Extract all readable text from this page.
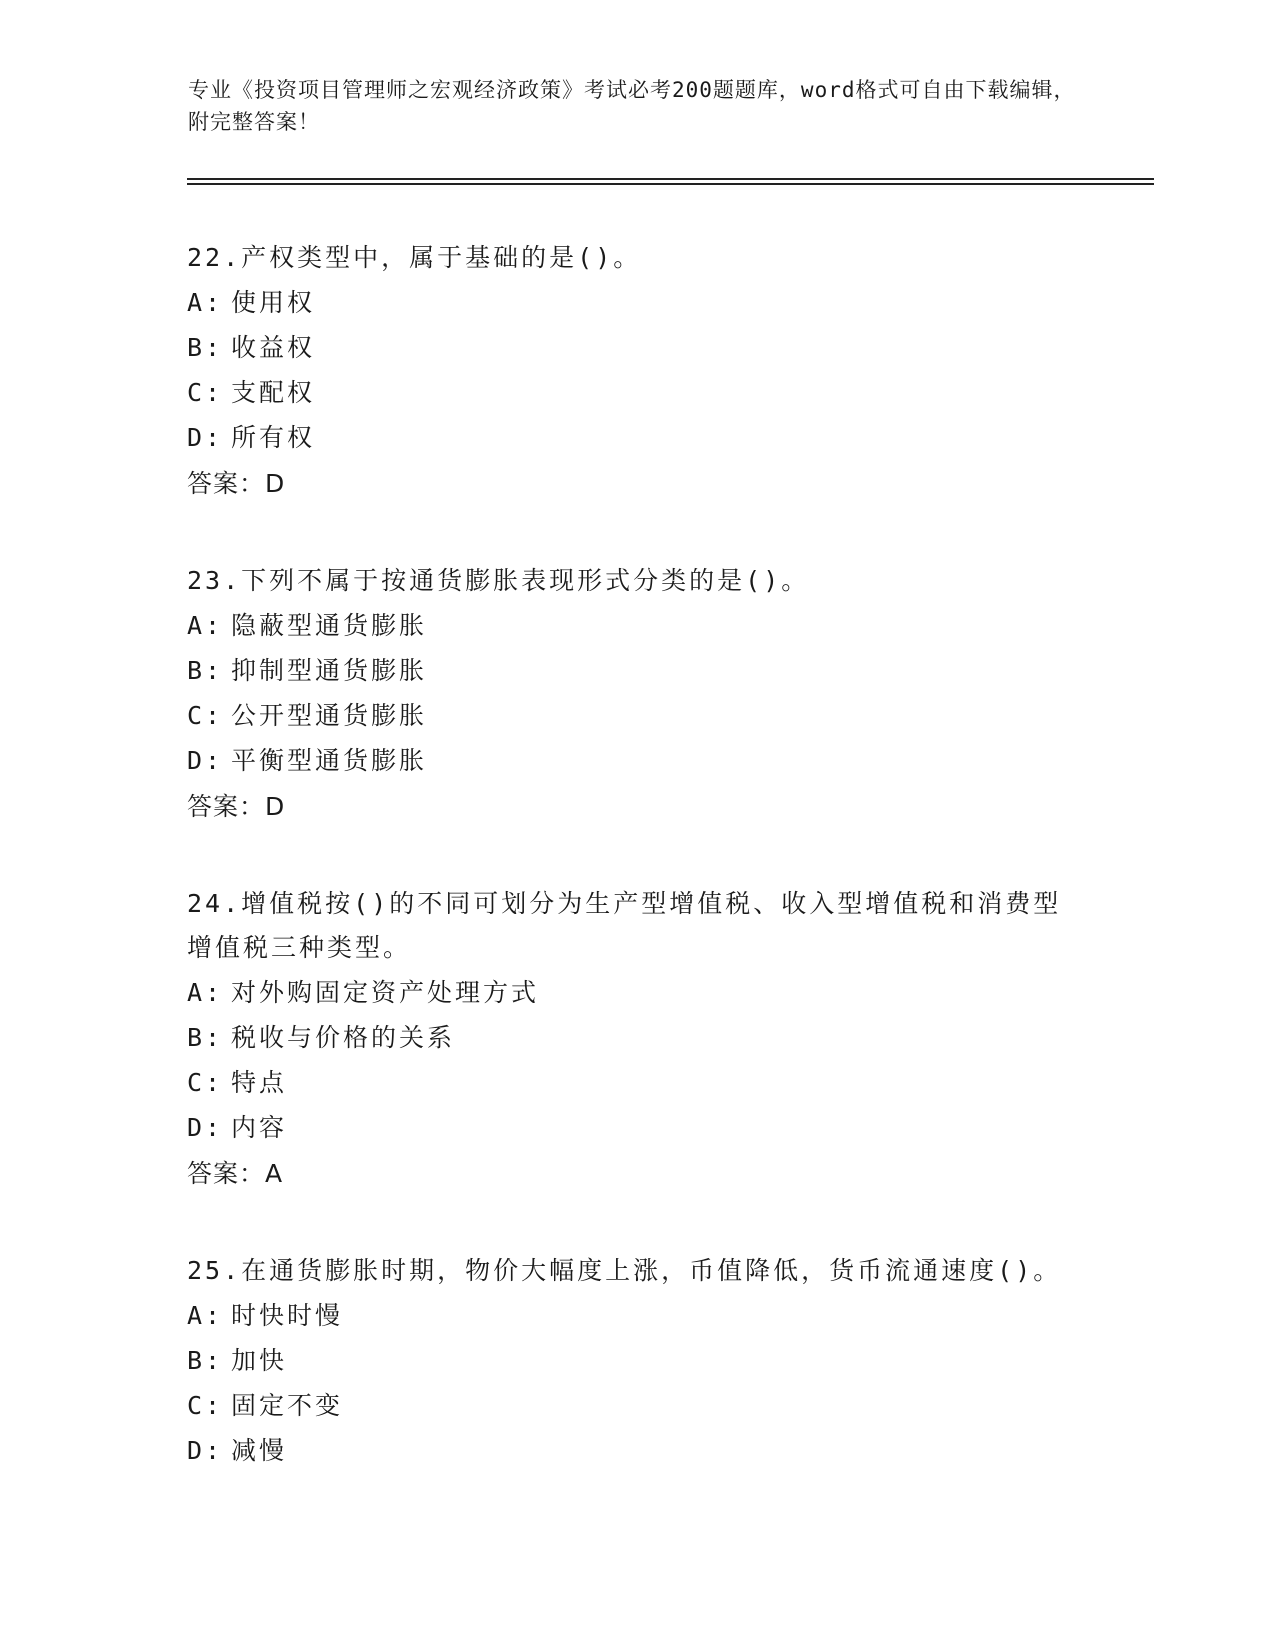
专业《投资项目管理师之宏观经济政策》考试必考200题题库，word格式可自由下载编辑，附完整答案！
22.产权类型中，属于基础的是()。
A: 使用权
B: 收益权
C: 支配权
D: 所有权
答案：D
23.下列不属于按通货膨胀表现形式分类的是()。
A: 隐蔽型通货膨胀
B: 抑制型通货膨胀
C: 公开型通货膨胀
D: 平衡型通货膨胀
答案：D
24.增值税按()的不同可划分为生产型增值税、收入型增值税和消费型增值税三种类型。
A: 对外购固定资产处理方式
B: 税收与价格的关系
C: 特点
D: 内容
答案：A
25.在通货膨胀时期，物价大幅度上涨，币值降低，货币流通速度()。
A: 时快时慢
B: 加快
C: 固定不变
D: 减慢
